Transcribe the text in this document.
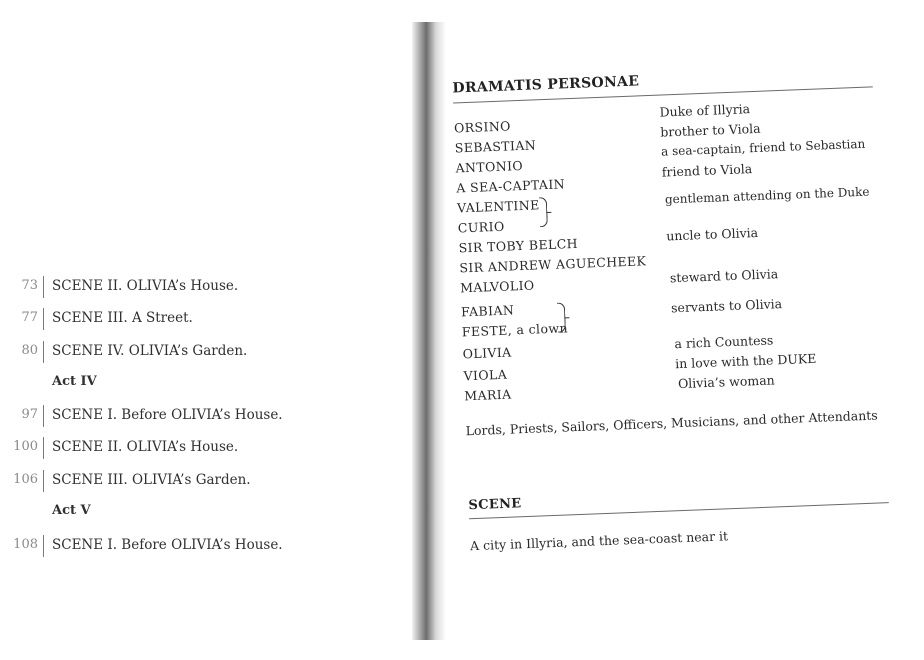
73 SCENE II. OLIVIA’s House.
77 SCENE III. A Street.
80 SCENE IV. OLIVIA’s Garden.
Act IV
97 SCENE I. Before OLIVIA’s House.
100 SCENE II. OLIVIA’s House.
106 SCENE III. OLIVIA’s Garden.
Act V
108 SCENE I. Before OLIVIA’s House.
DRAMATIS PERSONAE
ORSINO
SEBASTIAN
ANTONIO
A SEA-CAPTAIN
VALENTINE
CURIO
SIR TOBY BELCH
SIR ANDREW AGUECHEEK
MALVOLIO
FABIAN
FESTE, a clown
OLIVIA
VIOLA
MARIA
Duke of Illyria
brother to Viola
a sea-captain, friend to Sebastian
friend to Viola
gentleman attending on the Duke
uncle to Olivia
steward to Olivia
servants to Olivia
a rich Countess
in love with the DUKE
Olivia’s woman
Lords, Priests, Sailors, Officers, Musicians, and other Attendants
SCENE
A city in Illyria, and the sea-coast near it
